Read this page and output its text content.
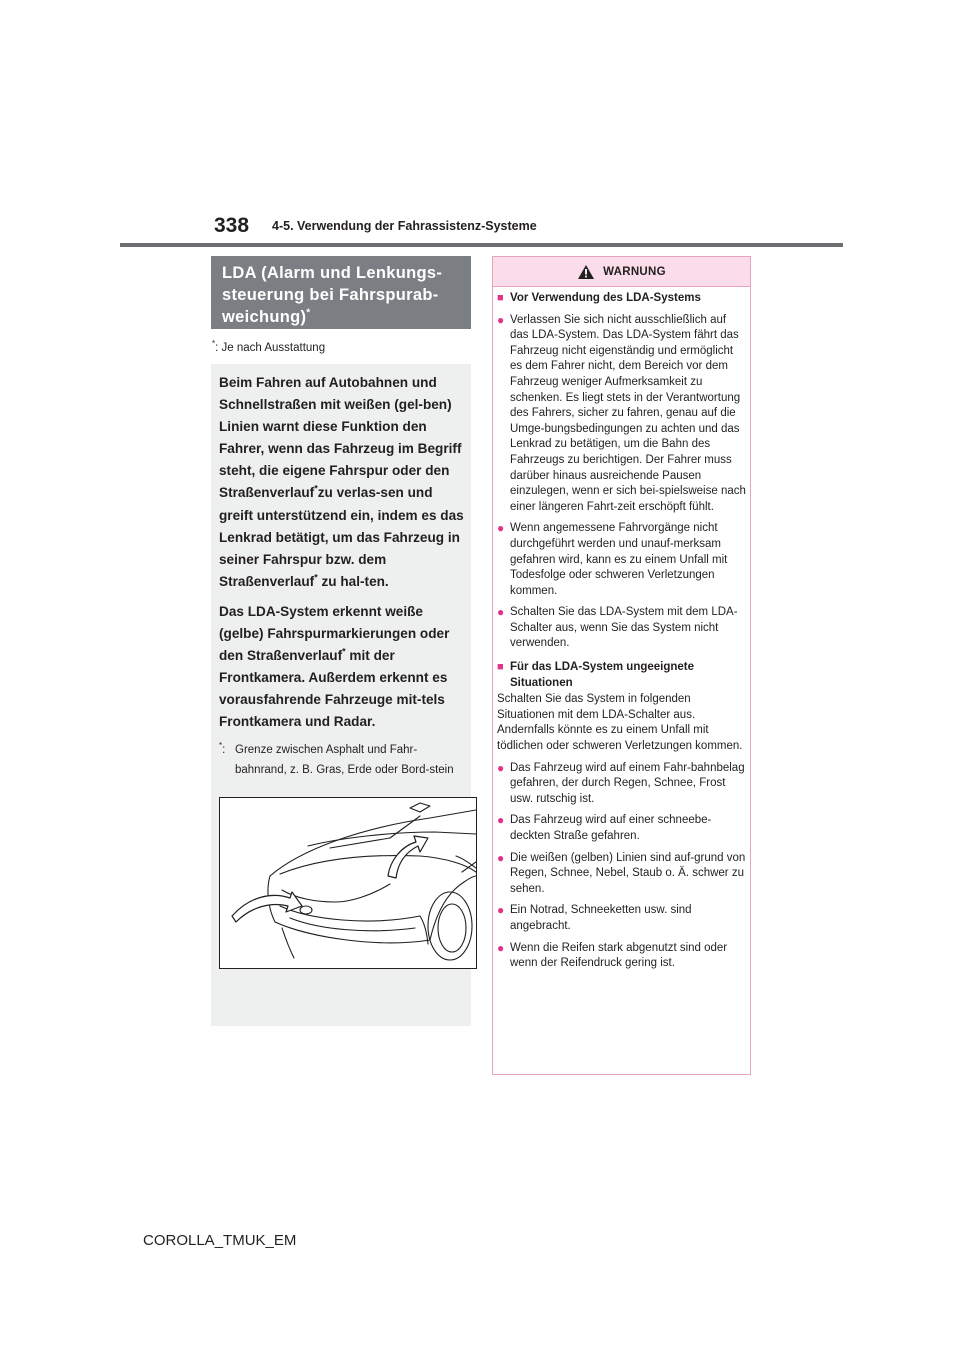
338 4-5. Verwendung der Fahrassistenz-Systeme
LDA (Alarm und Lenkungs-steuerung bei Fahrspurab-weichung)*
*: Je nach Ausstattung

Beim Fahren auf Autobahnen und Schnellstraßen mit weißen (gel-ben) Linien warnt diese Funktion den Fahrer, wenn das Fahrzeug im Begriff steht, die eigene Fahrspur oder den Straßenverlauf*zu verlas-sen und greift unterstützend ein, indem es das Lenkrad betätigt, um das Fahrzeug in seiner Fahrspur bzw. dem Straßenverlauf* zu hal-ten.

Das LDA-System erkennt weiße (gelbe) Fahrspurmarkierungen oder den Straßenverlauf* mit der Frontkamera. Außerdem erkennt es vorausfahrende Fahrzeuge mit-tels Frontkamera und Radar.

*: Grenze zwischen Asphalt und Fahr-bahnrand, z. B. Gras, Erde oder Bord-stein
WARNUNG
■ Vor Verwendung des LDA-Systems
● Verlassen Sie sich nicht ausschließlich auf das LDA-System. Das LDA-System fährt das Fahrzeug nicht eigenständig und ermöglicht es dem Fahrer nicht, dem Bereich vor dem Fahrzeug weniger Aufmerksamkeit zu schenken. Es liegt stets in der Verantwortung des Fahrers, sicher zu fahren, genau auf die Umge-bungsbedingungen zu achten und das Lenkrad zu betätigen, um die Bahn des Fahrzeugs zu berichtigen. Der Fahrer muss darüber hinaus ausreichende Pausen einzulegen, wenn er sich bei-spielsweise nach einer längeren Fahrt-zeit erschöpft fühlt.
● Wenn angemessene Fahrvorgänge nicht durchgeführt werden und unauf-merksam gefahren wird, kann es zu einem Unfall mit Todesfolge oder schweren Verletzungen kommen.
● Schalten Sie das LDA-System mit dem LDA-Schalter aus, wenn Sie das System nicht verwenden.
■ Für das LDA-System ungeeignete Situationen
Schalten Sie das System in folgenden Situationen mit dem LDA-Schalter aus. Andernfalls könnte es zu einem Unfall mit tödlichen oder schweren Verletzungen kommen.
● Das Fahrzeug wird auf einem Fahr-bahnbelag gefahren, der durch Regen, Schnee, Frost usw. rutschig ist.
● Das Fahrzeug wird auf einer schneebe-deckten Straße gefahren.
● Die weißen (gelben) Linien sind auf-grund von Regen, Schnee, Nebel, Staub o. Ä. schwer zu sehen.
● Ein Notrad, Schneeketten usw. sind angebracht.
● Wenn die Reifen stark abgenutzt sind oder wenn der Reifendruck gering ist.
COROLLA_TMUK_EM
